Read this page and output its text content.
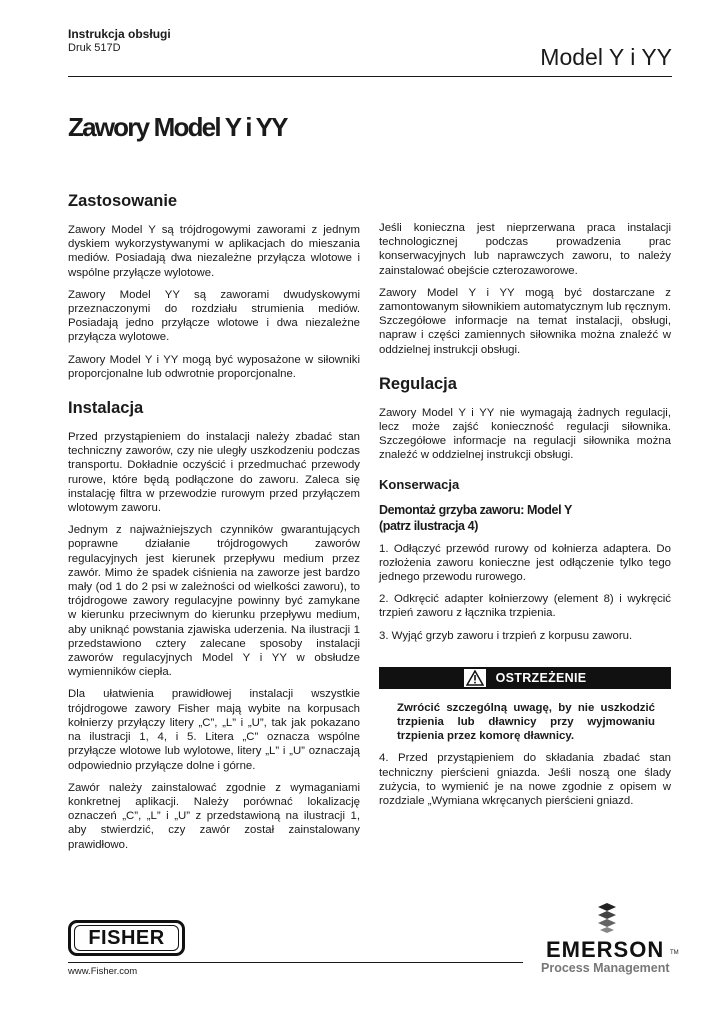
Instrukcja obsługi
Druk 517D	Model Y i YY
Zawory Model Y i YY
Zastosowanie

Zawory Model Y są trójdrogowymi zaworami z jednym dyskiem wykorzystywanymi w aplikacjach do mieszania mediów. Posiadają dwa niezależne przyłącza wlotowe i wspólne przyłącze wylotowe.

Zawory Model YY są zaworami dwudyskowymi przeznaczonymi do rozdziału strumienia mediów. Posiadają jedno przyłącze wlotowe i dwa niezależne przyłącza wylotowe.

Zawory Model Y i YY mogą być wyposażone w siłowniki proporcjonalne lub odwrotnie proporcjonalne.

Instalacja

Przed przystąpieniem do instalacji należy zbadać stan techniczny zaworów, czy nie uległy uszkodzeniu podczas transportu. Dokładnie oczyścić i przedmuchać przewody rurowe, które będą podłączone do zaworu. Zaleca się instalację filtra w przewodzie rurowym przed przyłączem wlotowym zaworu.

Jednym z najważniejszych czynników gwarantujących poprawne działanie trójdrogowych zaworów regulacyjnych jest kierunek przepływu medium przez zawór. Mimo że spadek ciśnienia na zaworze jest bardzo mały (od 1 do 2 psi w zależności od wielkości zaworu), to trójdrogowe zawory regulacyjne powinny być zamykane w kierunku przeciwnym do kierunku przepływu medium, aby uniknąć powstania zjawiska uderzenia. Na ilustracji 1 przedstawiono cztery zalecane sposoby instalacji zaworów regulacyjnych Model Y i YY w obsłudze wymienników ciepła.

Dla ułatwienia prawidłowej instalacji wszystkie trójdrogowe zawory Fisher mają wybite na korpusach kołnierzy przyłączy litery „C”, „L” i „U”, tak jak pokazano na ilustracji 1, 4, i 5. Litera „C” oznacza wspólne przyłącze wlotowe lub wylotowe, litery „L” i „U” oznaczają odpowiednio przyłącze dolne i górne.

Zawór należy zainstalować zgodnie z wymaganiami konkretnej aplikacji. Należy porównać lokalizację oznaczeń „C”, „L” i „U” z przedstawioną na ilustracji 1, aby stwierdzić, czy zawór został zainstalowany prawidłowo.

Jeśli konieczna jest nieprzerwana praca instalacji technologicznej podczas prowadzenia prac konserwacyjnych lub naprawczych zaworu, to należy zainstalować obejście czterozaworowe.

Zawory Model Y i YY mogą być dostarczane z zamontowanym siłownikiem automatycznym lub ręcznym. Szczegółowe informacje na temat instalacji, obsługi, napraw i części zamiennych siłownika można znaleźć w oddzielnej instrukcji obsługi.

Regulacja

Zawory Model Y i YY nie wymagają żadnych regulacji, lecz może zajść konieczność regulacji siłownika. Szczegółowe informacje na regulacji siłownika można znaleźć w oddzielnej instrukcji obsługi.

Konserwacja
Demontaż grzyba zaworu: Model Y
(patrz ilustracja 4)

1. Odłączyć przewód rurowy od kołnierza adaptera. Do rozłożenia zaworu konieczne jest odłączenie tylko tego jednego przewodu rurowego.

2. Odkręcić adapter kołnierzowy (element 8) i wykręcić trzpień zaworu z łącznika trzpienia.

3. Wyjąć grzyb zaworu i trzpień z korpusu zaworu.

OSTRZEŻENIE

Zwrócić szczególną uwagę, by nie uszkodzić trzpienia lub dławnicy przy wyjmowaniu trzpienia przez komorę dławnicy.

4. Przed przystąpieniem do składania zbadać stan techniczny pierścieni gniazda. Jeśli noszą one ślady zużycia, to wymienić je na nowe zgodnie z opisem w rozdziale „Wymiana wkręcanych pierścieni gniazd.

FISHER
www.Fisher.com
EMERSON TM
Process Management
